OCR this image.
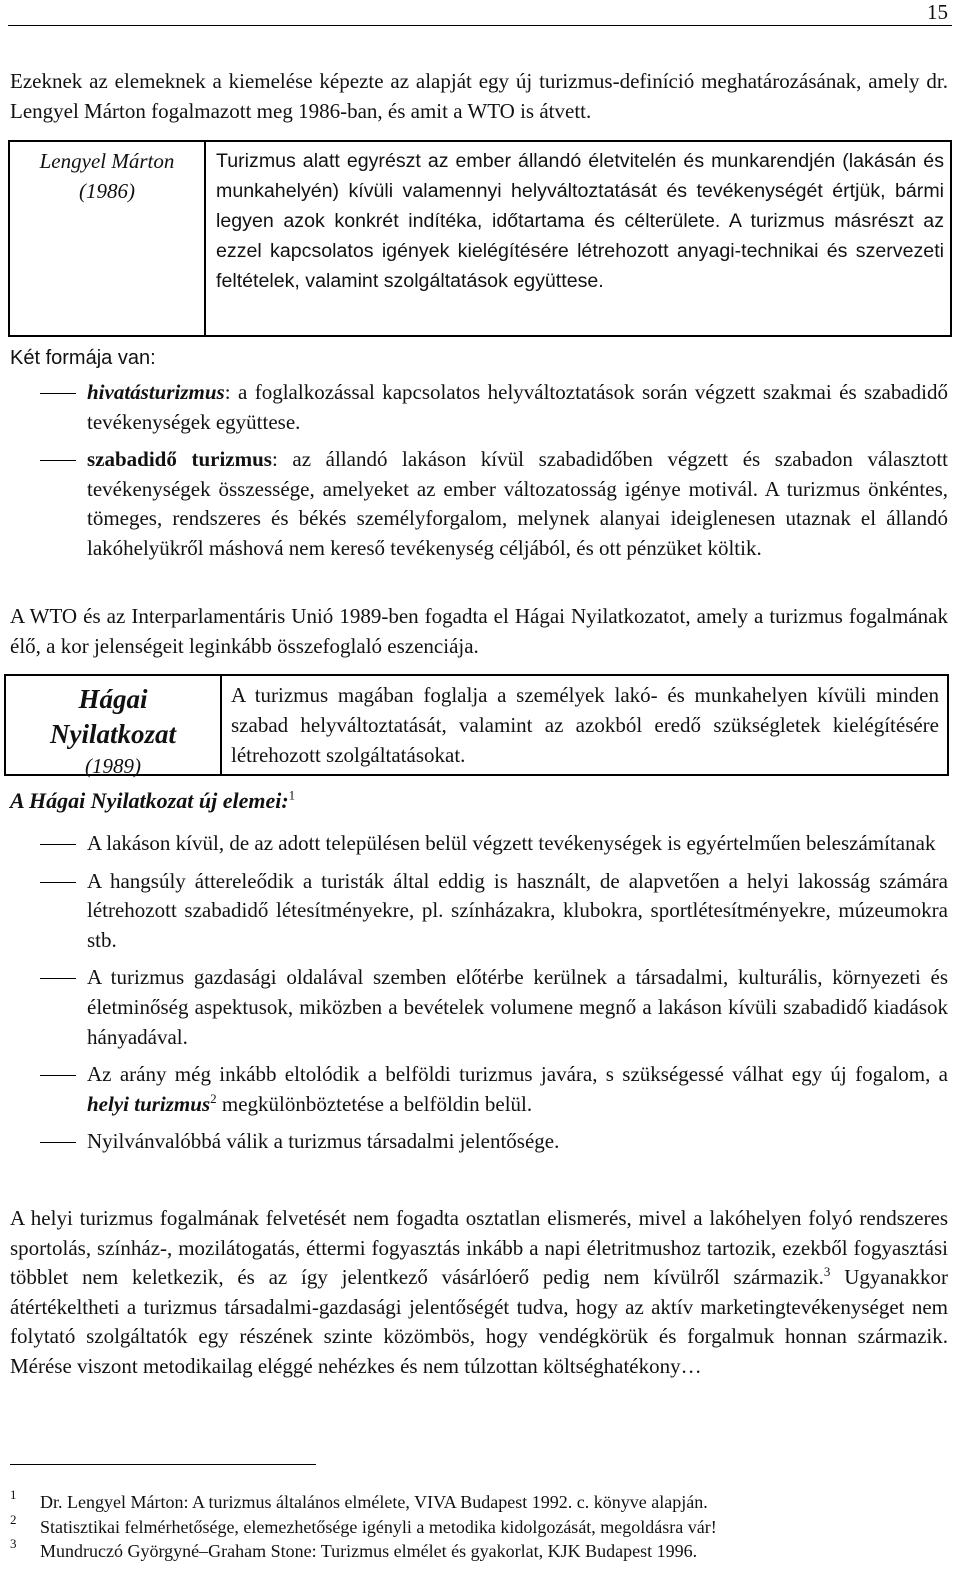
15

Ezeknek az elemeknek a kiemelése képezte az alapját egy új turizmus-definíció meghatározásának, amely dr. Lengyel Márton fogalmazott meg 1986-ban, és amit a WTO is átvett.

Lengyel Márton
(1986)
Turizmus alatt egyrészt az ember állandó életvitelén és munkarendjén (lakásán és munkahelyén) kívüli valamennyi helyváltoztatását és tevékenységét értjük, bármi legyen azok konkrét indítéka, időtartama és célterülete. A turizmus másrészt az ezzel kapcsolatos igények kielégítésére létrehozott anyagi-technikai és szervezeti feltételek, valamint szolgáltatások együttese.
Két formája van:
hivatásturizmus: a foglalkozással kapcsolatos helyváltoztatások során végzett szakmai és szabadidő tevékenységek együttese.
szabadidő turizmus: az állandó lakáson kívül szabadidőben végzett és szabadon választott tevékenységek összessége, amelyeket az ember változatosság igénye motivál. A turizmus önkéntes, tömeges, rendszeres és békés személyforgalom, melynek alanyai ideiglenesen utaznak el állandó lakóhelyükről máshová nem kereső tevékenység céljából, és ott pénzüket költik.

A WTO és az Interparlamentáris Unió 1989-ben fogadta el Hágai Nyilatkozatot, amely a turizmus fogalmának élő, a kor jelenségeit leginkább összefoglaló eszenciája.

Hágai
Nyilatkozat
(1989)
A turizmus magában foglalja a személyek lakó- és munkahelyen kívüli minden szabad helyváltoztatását, valamint az azokból eredő szükségletek kielégítésére létrehozott szolgáltatásokat.
A Hágai Nyilatkozat új elemei:$^1$
A lakáson kívül, de az adott településen belül végzett tevékenységek is egyértelműen beleszámítanak
A hangsúly áttereleődik a turisták által eddig is használt, de alapvetően a helyi lakosság számára létrehozott szabadidő létesítményekre, pl. színházakra, klubokra, sportlétesítményekre, múzeumokra stb.
A turizmus gazdasági oldalával szemben előtérbe kerülnek a társadalmi, kulturális, környezeti és életminőség aspektusok, miközben a bevételek volumene megnő a lakáson kívüli szabadidő kiadások hányadával.
Az arány még inkább eltolódik a belföldi turizmus javára, s szükségessé válhat egy új fogalom, a helyi turizmus$^2$ megkülönböztetése a belföldin belül.
Nyilvánvalóbbá válik a turizmus társadalmi jelentősége.

A helyi turizmus fogalmának felvetését nem fogadta osztatlan elismerés, mivel a lakóhelyen folyó rendszeres sportolás, színház-, mozilátogatás, éttermi fogyasztás inkább a napi életritmushoz tartozik, ezekből fogyasztási többlet nem keletkezik, és az így jelentkező vásárlóerő pedig nem kívülről származik.$^3$ Ugyanakkor átértékeltheti a turizmus társadalmi-gazdasági jelentőségét tudva, hogy az aktív marketingtevékenységet nem folytató szolgáltatók egy részének szinte közömbös, hogy vendégkörük és forgalmuk honnan származik. Mérése viszont metodikailag eléggé nehézkes és nem túlzottan költséghatékony…

1 Dr. Lengyel Márton: A turizmus általános elmélete, VIVA Budapest 1992. c. könyve alapján.
2 Statisztikai felmérhetősége, elemezhetősége igényli a metodika kidolgozását, megoldásra vár!
3 Mundruczó Györgyné–Graham Stone: Turizmus elmélet és gyakorlat, KJK Budapest 1996.
